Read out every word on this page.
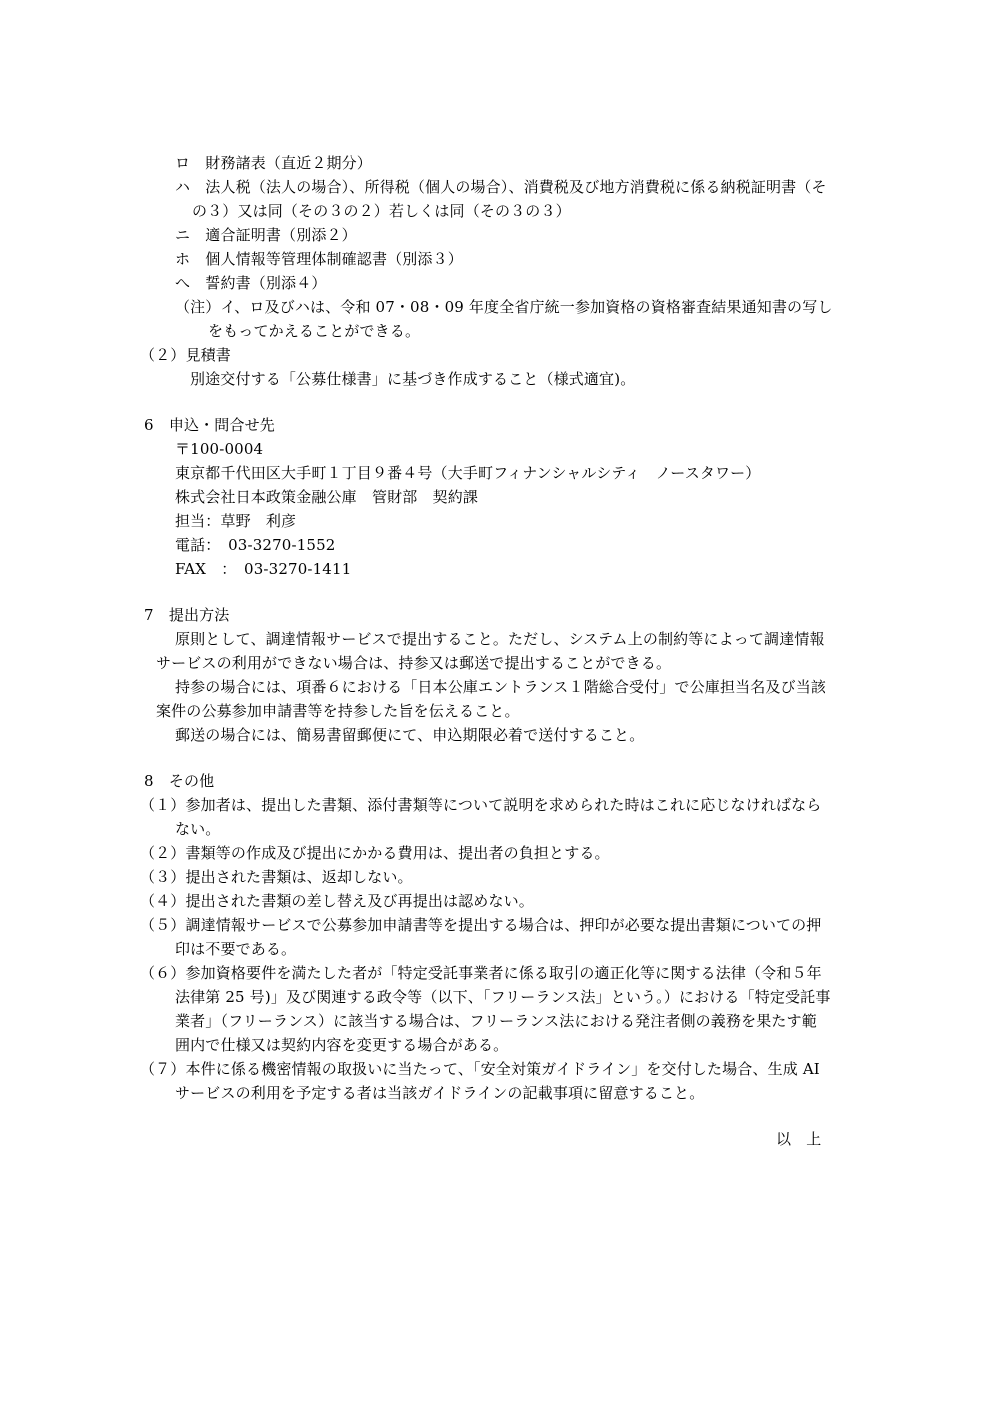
ロ　財務諸表（直近２期分）
ハ　法人税（法人の場合）、所得税（個人の場合）、消費税及び地方消費税に係る納税証明書（そ
の３）又は同（その３の２）若しくは同（その３の３）
ニ　適合証明書（別添２）
ホ　個人情報等管理体制確認書（別添３）
へ　誓約書（別添４）
（注）イ、ロ及びハは、令和 07・08・09 年度全省庁統一参加資格の資格審査結果通知書の写し
をもってかえることができる。
（２）見積書
別途交付する「公募仕様書」に基づき作成すること（様式適宜)。
6　申込・問合せ先
〒100-0004
東京都千代田区大手町１丁目９番４号（大手町フィナンシャルシティ　ノースタワー）
株式会社日本政策金融公庫　管財部　契約課
担当：草野　利彦
電話：　03-3270-1552
FAX　：　03-3270-1411
7　提出方法
原則として、調達情報サービスで提出すること。ただし、システム上の制約等によって調達情報
サービスの利用ができない場合は、持参又は郵送で提出することができる。
持参の場合には、項番６における「日本公庫エントランス１階総合受付」で公庫担当名及び当該
案件の公募参加申請書等を持参した旨を伝えること。
郵送の場合には、簡易書留郵便にて、申込期限必着で送付すること。
8　その他
（１）参加者は、提出した書類、添付書類等について説明を求められた時はこれに応じなければなら
ない。
（２）書類等の作成及び提出にかかる費用は、提出者の負担とする。
（３）提出された書類は、返却しない。
（４）提出された書類の差し替え及び再提出は認めない。
（５）調達情報サービスで公募参加申請書等を提出する場合は、押印が必要な提出書類についての押
印は不要である。
（６）参加資格要件を満たした者が「特定受託事業者に係る取引の適正化等に関する法律（令和５年
法律第 25 号)」及び関連する政令等（以下、「フリーランス法」という。）における「特定受託事
業者」（フリーランス）に該当する場合は、フリーランス法における発注者側の義務を果たす範
囲内で仕様又は契約内容を変更する場合がある。
（７）本件に係る機密情報の取扱いに当たって、「安全対策ガイドライン」を交付した場合、生成 AI
サービスの利用を予定する者は当該ガイドラインの記載事項に留意すること。
以　上
